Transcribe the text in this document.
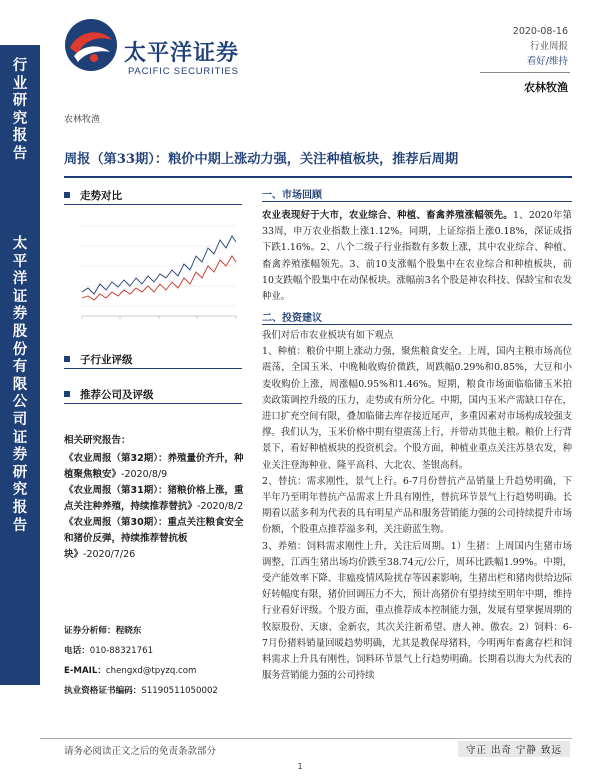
行业研究报告
太平洋证券股份有限公司证券研究报告
太平洋证券
PACIFIC SECURITIES
2020-08-16
行业周报
看好/维持
农林牧渔
农林牧渔
周报（第33期）：粮价中期上涨动力强，关注种植板块，推荐后周期
走势对比
子行业评级
推荐公司及评级
相关研究报告：
《农业周报（第32期）：养殖量价齐升，种植聚焦粮安》-2020/8/9
《农业周报（第31期）：猪粮价格上涨，重点关注种养殖，持续推荐替抗》-2020/8/2
《农业周报（第30期）：重点关注粮食安全和猪价反弹，持续推荐替抗板块》-2020/7/26
证券分析师：程晓东
电话：010-88321761
E-MAIL：chengxd@tpyzq.com
执业资格证书编码：S1190511050002
一、市场回顾

农业表现好于大市，农业综合、种植、畜禽养殖涨幅领先。1、2020年第33周，申万农业指数上涨1.12%。同期，上证综指上涨0.18%，深证成指下跌1.16%。2、八个二级子行业指数有多数上涨，其中农业综合、种植、畜禽养殖涨幅领先。3、前10支涨幅个股集中在农业综合和种植板块，前10支跌幅个股集中在动保板块。涨幅前3名个股是神农科技、保龄宝和农发种业。

二、投资建议

我们对后市农业板块有如下观点

1、种植：粮价中期上涨动力强，聚焦粮食安全。上周，国内主粮市场高位震荡，全国玉米、中晚籼收购价微跌，周跌幅0.29%和0.85%，大豆和小麦收购价上涨，周涨幅0.95%和1.46%。短期，粮食市场面临临储玉米拍卖政策调控升级的压力，走势或有所分化。中期，国内玉米产需缺口存在，进口扩充空间有限，叠加临储去库存接近尾声，多重因素对市场构成较强支撑。我们认为，玉米价格中期有望震荡上行，并带动其他主粮。粮价上行背景下，看好种植板块的投资机会。个股方面，种植业重点关注苏垦农发，种业关注登海种业、隆平高科、大北农、荃银高科。

2、替抗：需求刚性，景气上行。6-7月份替抗产品销量上升趋势明确，下半年乃至明年替抗产品需求上升具有刚性，替抗环节景气上行趋势明确。长期看以蓝多利为代表的具有明星产品和服务营销能力强的公司持续提升市场份额，个股重点推荐溢多利，关注蔚蓝生物。

3、养殖：饲料需求刚性上升，关注后周期。1）生猪：上周国内生猪市场调整，江西生猪出场均价跌至38.74元/公斤，周环比跌幅1.99%。中期，受产能效率下降、非瘟疫情风险扰存等因素影响，生猪出栏和猪肉供给边际好转幅度有限，猪价回调压力不大，预计高猪价有望持续至明年中期，维持行业看好评级。个股方面，重点推荐成本控制能力强，发展有望掌握周期的牧原股份、天康、金新农，其次关注新希望、唐人神、傲农。2）饲料：6-7月份猪料销量回暖趋势明确，尤其是教保母猪料，今明两年畜禽存栏和饲料需求上升具有刚性，饲料环节景气上行趋势明确。长期看以海大为代表的服务营销能力强的公司持续

请务必阅读正文之后的免责条款部分	守正 出奇 宁静 致远
1
